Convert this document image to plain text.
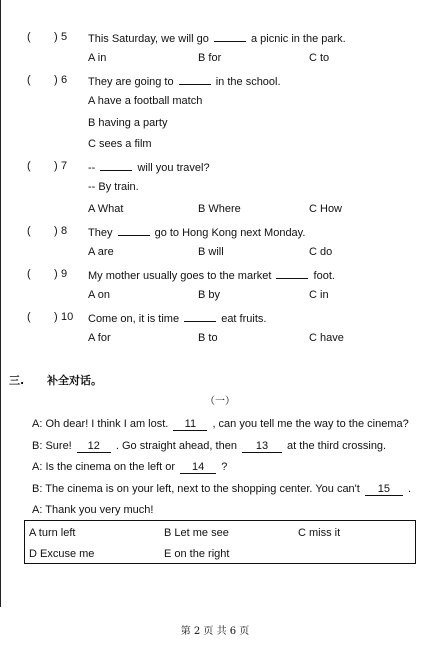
( ) 5 This Saturday, we will go	a picnic in the park.
A in	B for	C to
( ) 6 They are going to	in the school.
A have a football match
B having a party
C sees a film
( ) 7 --	will you travel?
-- By train.
A What	B Where	C How
( ) 8 They	go to Hong Kong next Monday.
A are	B will	C do
( ) 9 My mother usually goes to the market	foot.
A on	B by	C in
( ) 10 Come on, it is time	eat fruits.
A for	B to	C have
三. 补全对话。
（一）
A: Oh dear! I think I am lost. 11 , can you tell me the way to the cinema?
B: Sure! 12 . Go straight ahead, then 13 at the third crossing.
A: Is the cinema on the left or 14 ?
B: The cinema is on your left, next to the shopping center. You can't 15 .
A: Thank you very much!
A turn left	B Let me see	C miss it
D Excuse me	E on the right
第 2 页 共 6 页
